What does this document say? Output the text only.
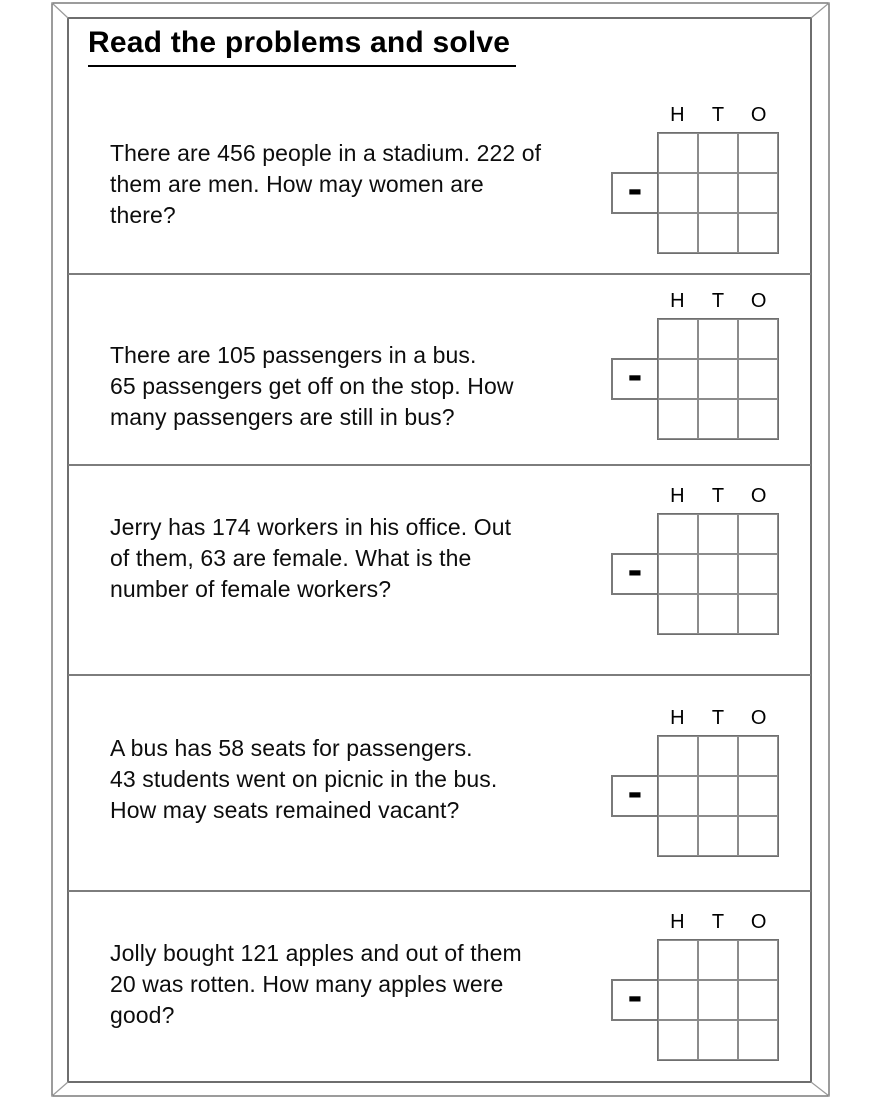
Read the problems and solve
There are 456 people in a stadium. 222 of
them are men. How may women are
there?
H	T	O
-
There are 105 passengers in a bus.
65 passengers get off on the stop. How
many passengers are still in bus?
H	T	O
-
Jerry has 174 workers in his office. Out
of them, 63 are female. What is the
number of female workers?
H	T	O
-
A bus has 58 seats for passengers.
43 students went on picnic in the bus.
How may seats remained vacant?
H	T	O
-
Jolly bought 121 apples and out of them
20 was rotten. How many apples were
good?
H	T	O
-
